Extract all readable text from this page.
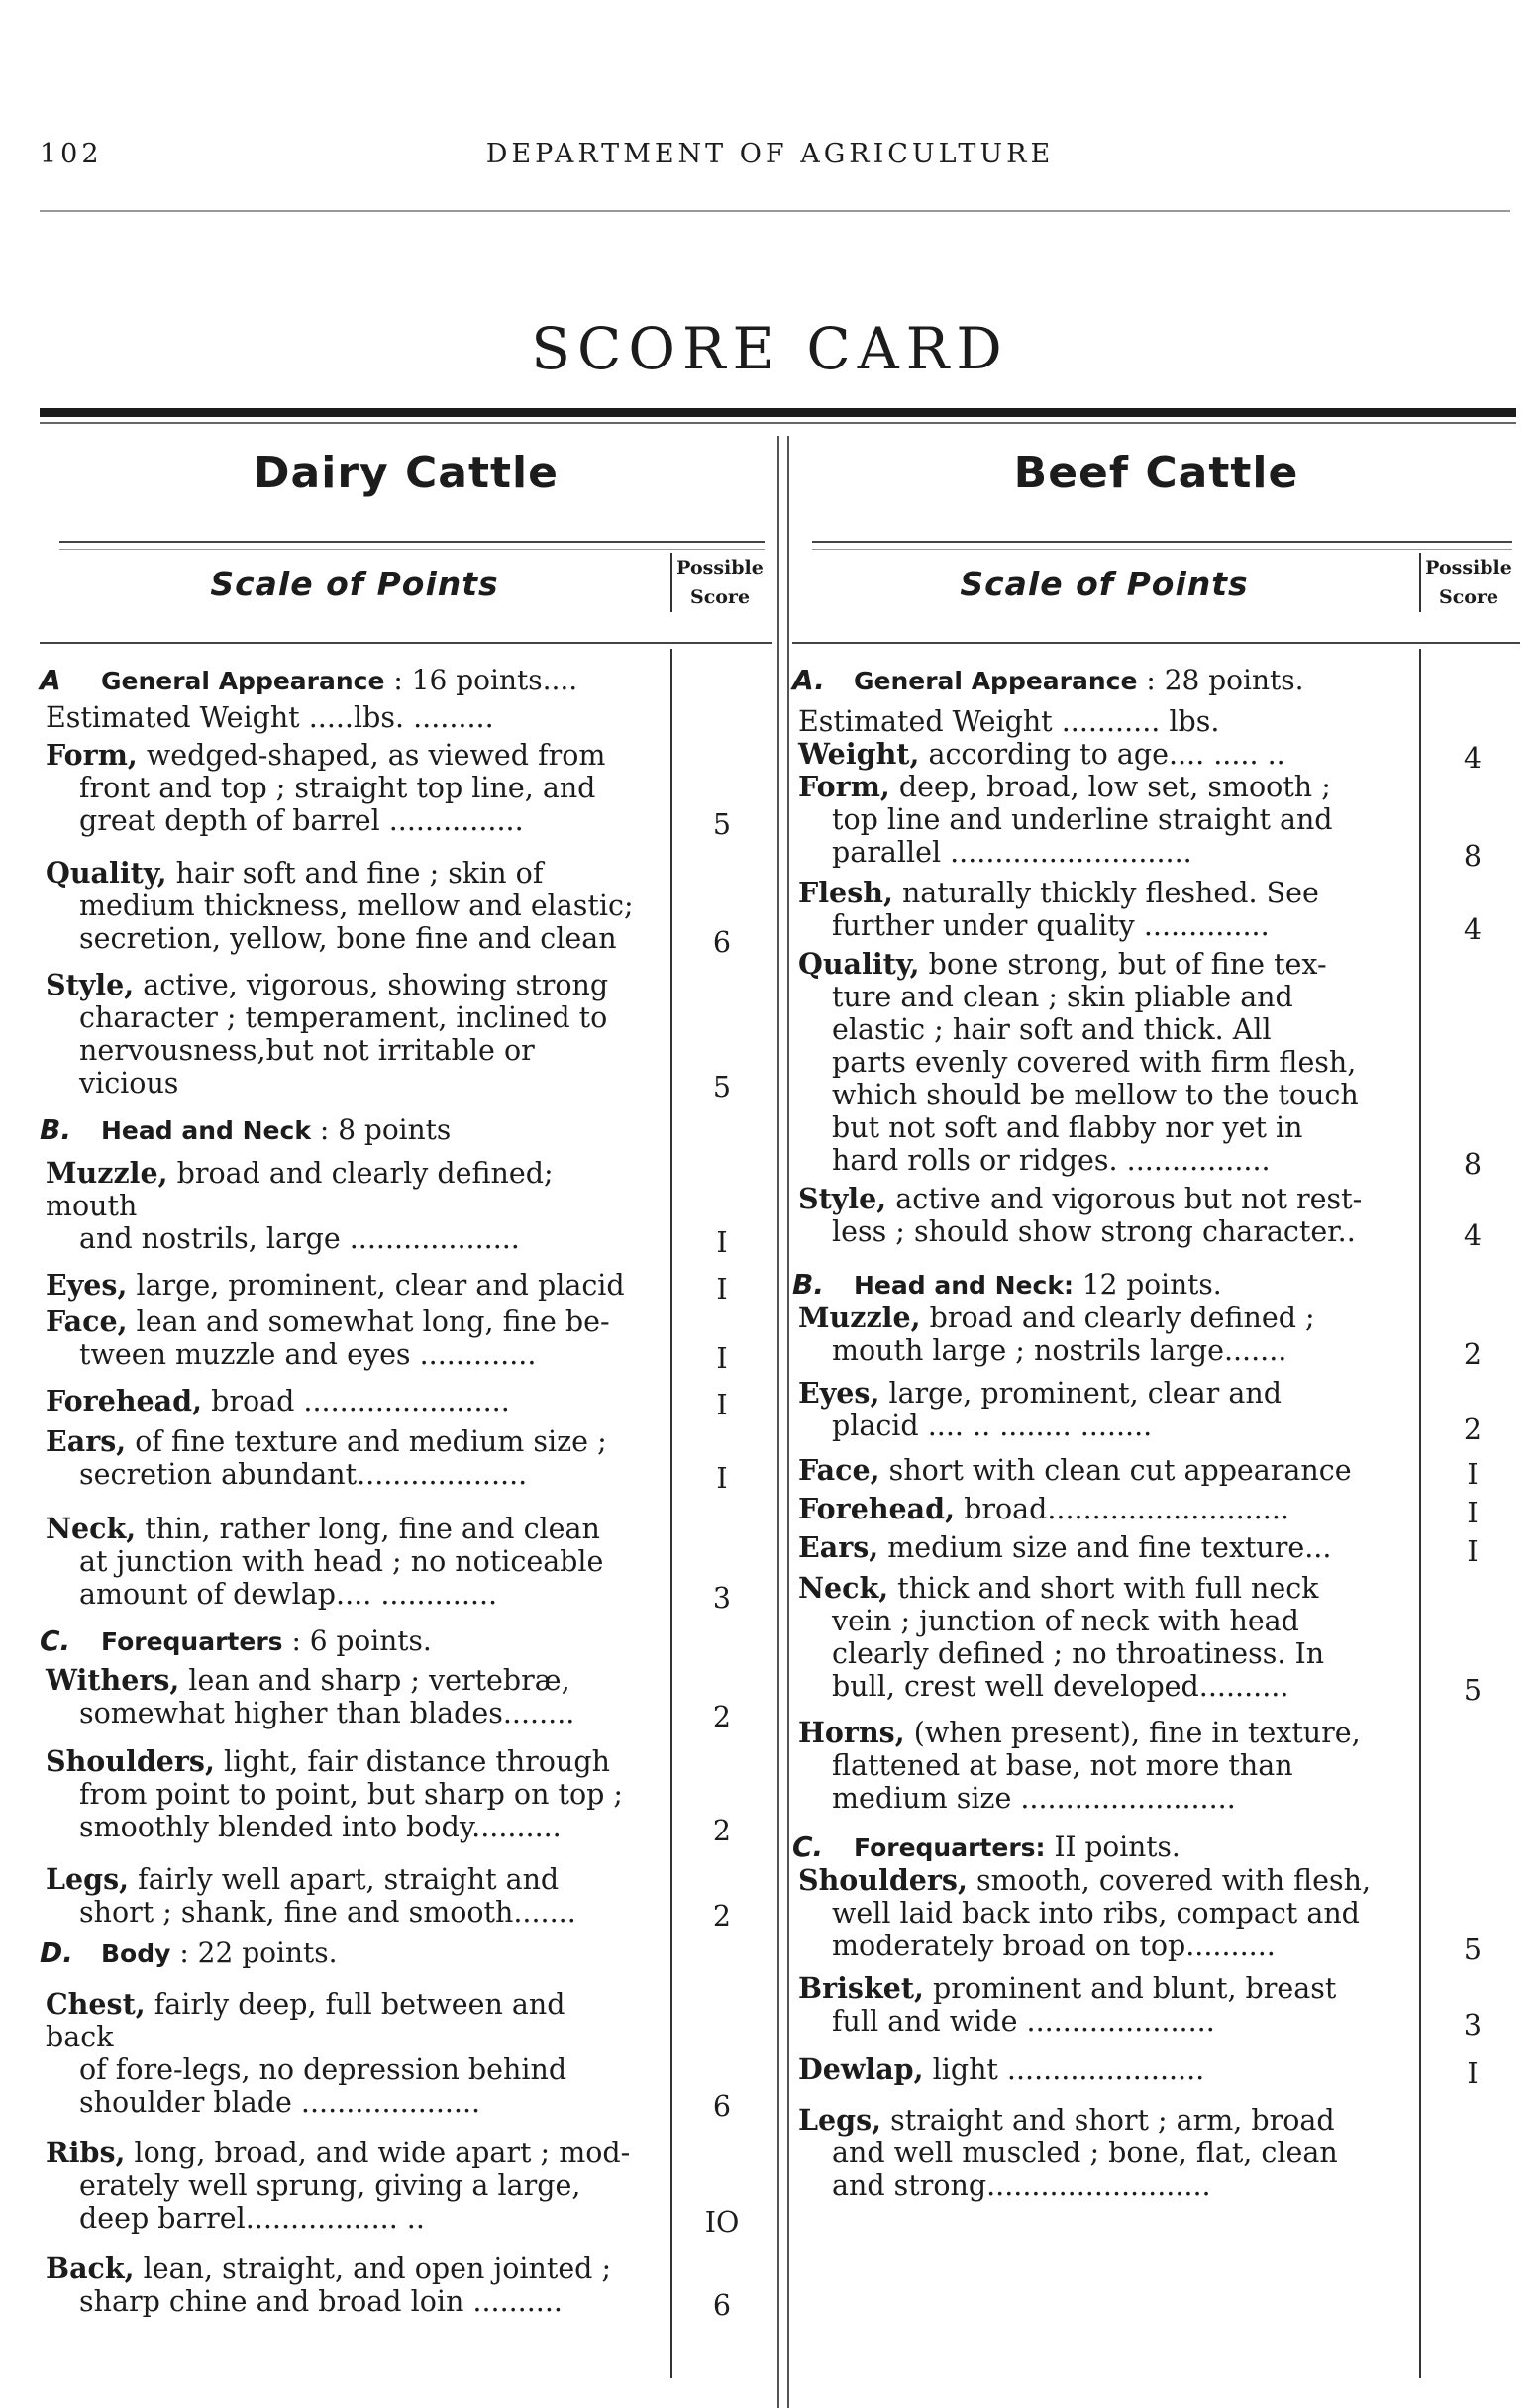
102	DEPARTMENT OF AGRICULTURE
SCORE CARD
Dairy Cattle
Scale of Points	Possible Score
A General Appearance : 16 points....

Estimated Weight .....lbs. .........

Form, wedged-shaped, as viewed from

front and top ; straight top line, and

great depth of barrel ...............	5

Quality, hair soft and fine ; skin of

medium thickness, mellow and elastic;

secretion, yellow, bone fine and clean	6

Style, active, vigorous, showing strong

character ; temperament, inclined to

nervousness,but not irritable or vicious	5
B. Head and Neck : 8 points

Muzzle, broad and clearly defined; mouth

and nostrils, large ...................	I

Eyes, large, prominent, clear and placid	I

Face, lean and somewhat long, fine be-

tween muzzle and eyes .............	I

Forehead, broad .......................	I

Ears, of fine texture and medium size ;

secretion abundant...................	I

Neck, thin, rather long, fine and clean

at junction with head ; no noticeable

amount of dewlap.... .............	3
C. Forequarters : 6 points.

Withers, lean and sharp ; vertebræ,

somewhat higher than blades........	2

Shoulders, light, fair distance through

from point to point, but sharp on top ;

smoothly blended into body..........	2

Legs, fairly well apart, straight and

short ; shank, fine and smooth.......	2
D. Body : 22 points.

Chest, fairly deep, full between and back

of fore-legs, no depression behind

shoulder blade ....................	6

Ribs, long, broad, and wide apart ; mod-

erately well sprung, giving a large,

deep barrel................. ..	IO

Back, lean, straight, and open jointed ;

sharp chine and broad loin ..........	6
Beef Cattle
Scale of Points	Possible Score
A. General Appearance : 28 points.

Estimated Weight ........... lbs.

Weight, according to age.... ..... ..	4

Form, deep, broad, low set, smooth ;

top line and underline straight and

parallel ...........................	8

Flesh, naturally thickly fleshed. See

further under quality ..............	4

Quality, bone strong, but of fine tex-

ture and clean ; skin pliable and

elastic ; hair soft and thick. All

parts evenly covered with firm flesh,

which should be mellow to the touch

but not soft and flabby nor yet in

hard rolls or ridges. ................	8

Style, active and vigorous but not rest-

less ; should show strong character..	4
B. Head and Neck: 12 points.

Muzzle, broad and clearly defined ;

mouth large ; nostrils large.......	2

Eyes, large, prominent, clear and

placid .... .. ........ ........	2

Face, short with clean cut appearance	I

Forehead, broad...........................	I

Ears, medium size and fine texture...	I

Neck, thick and short with full neck

vein ; junction of neck with head

clearly defined ; no throatiness. In

bull, crest well developed..........	5

Horns, (when present), fine in texture,

flattened at base, not more than

medium size ........................

C. Forequarters: II points.

Shoulders, smooth, covered with flesh,

well laid back into ribs, compact and

moderately broad on top..........	5

Brisket, prominent and blunt, breast

full and wide .....................	3

Dewlap, light ......................	I

Legs, straight and short ; arm, broad

and well muscled ; bone, flat, clean

and strong.........................
